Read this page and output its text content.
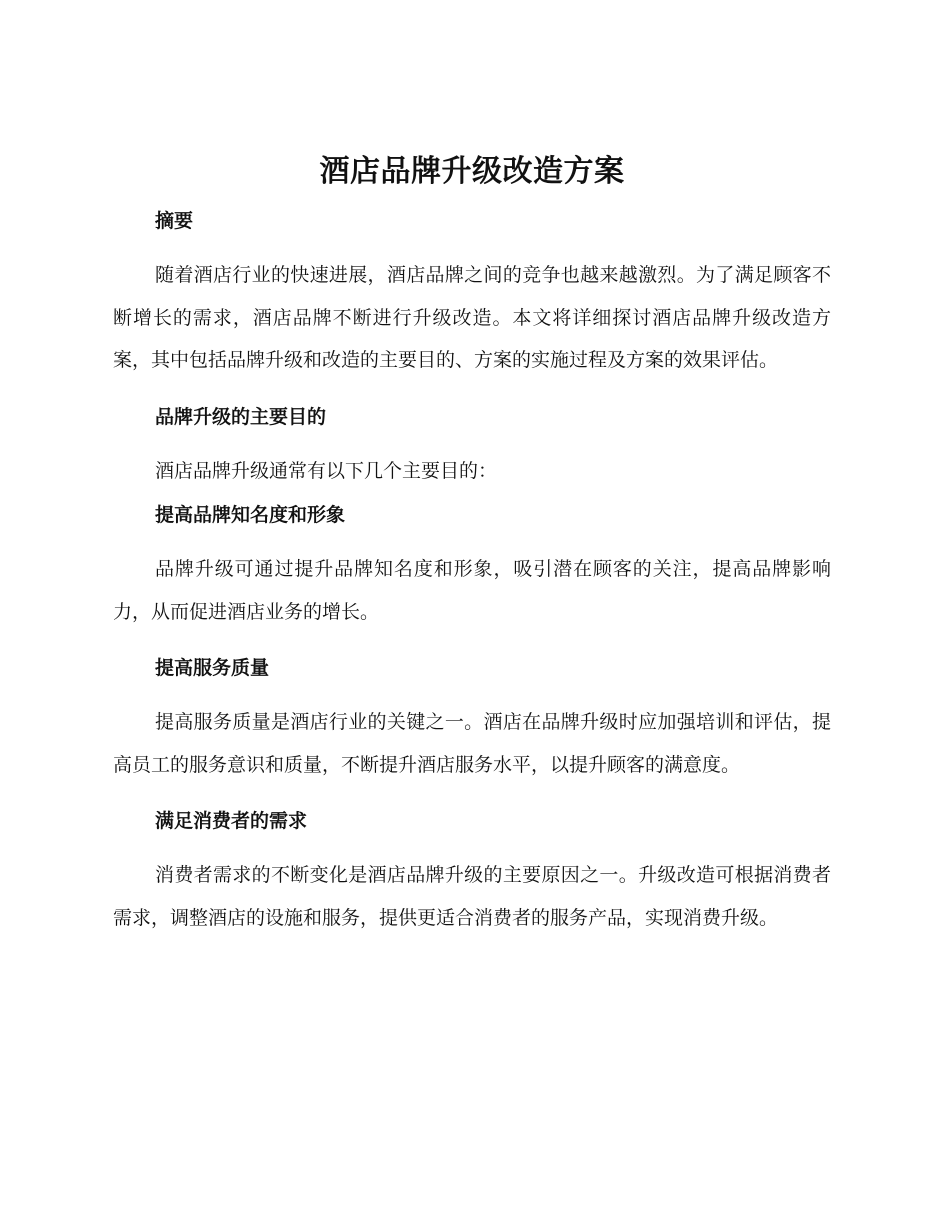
酒店品牌升级改造方案
摘要

随着酒店行业的快速进展，酒店品牌之间的竞争也越来越激烈。为了满足顾客不断增长的需求，酒店品牌不断进行升级改造。本文将详细探讨酒店品牌升级改造方案，其中包括品牌升级和改造的主要目的、方案的实施过程及方案的效果评估。

品牌升级的主要目的

酒店品牌升级通常有以下几个主要目的：

提高品牌知名度和形象

品牌升级可通过提升品牌知名度和形象，吸引潜在顾客的关注，提高品牌影响力，从而促进酒店业务的增长。

提高服务质量

提高服务质量是酒店行业的关键之一。酒店在品牌升级时应加强培训和评估，提高员工的服务意识和质量，不断提升酒店服务水平，以提升顾客的满意度。

满足消费者的需求

消费者需求的不断变化是酒店品牌升级的主要原因之一。升级改造可根据消费者需求，调整酒店的设施和服务，提供更适合消费者的服务产品，实现消费升级。
